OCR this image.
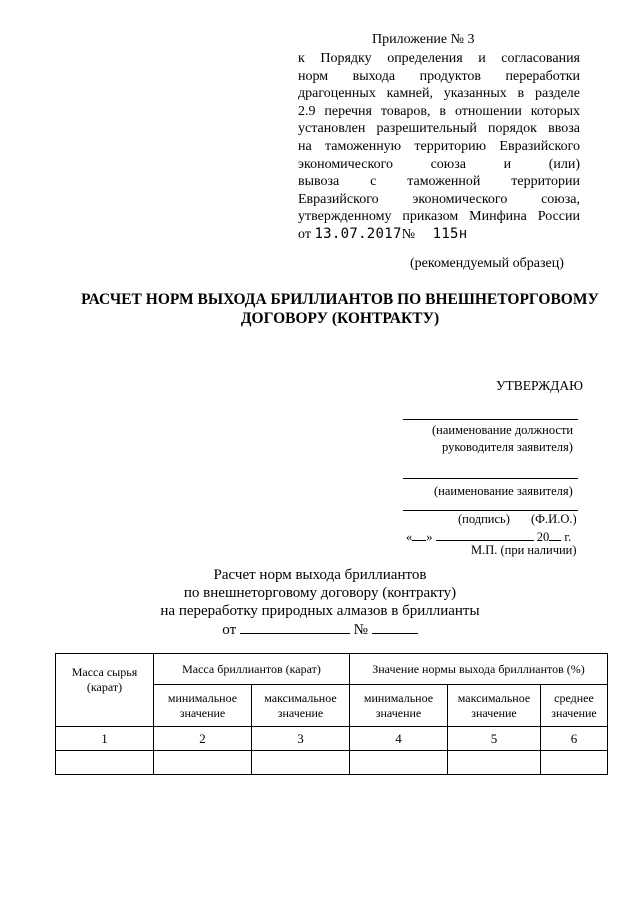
Приложение № 3
к Порядку определения и согласования
норм выхода продуктов переработки
драгоценных камней, указанных в разделе
2.9 перечня товаров, в отношении которых
установлен разрешительный порядок ввоза
на таможенную территорию Евразийского
экономического союза и (или)
вывоза с таможенной территории
Евразийского экономического союза,
утвержденному приказом Минфина России
от 13.07.2017№ 115н
(рекомендуемый образец)
РАСЧЕТ НОРМ ВЫХОДА БРИЛЛИАНТОВ ПО ВНЕШНЕТОРГОВОМУ
ДОГОВОРУ (КОНТРАКТУ)
УТВЕРЖДАЮ
(наименование должности
руководителя заявителя)
(наименование заявителя)
(подпись) (Ф.И.О.)
« »	20 г.
М.П. (при наличии)
Расчет норм выхода бриллиантов
по внешнеторговому договору (контракту)
на переработку природных алмазов в бриллианты
от	№
Масса сырья (карат)	Масса бриллиантов (карат)		Значение нормы выхода бриллиантов (%)		
	минимальное значение	максимальное значение	минимальное значение	максимальное значение	среднее значение
1	2	3	4	5	6
